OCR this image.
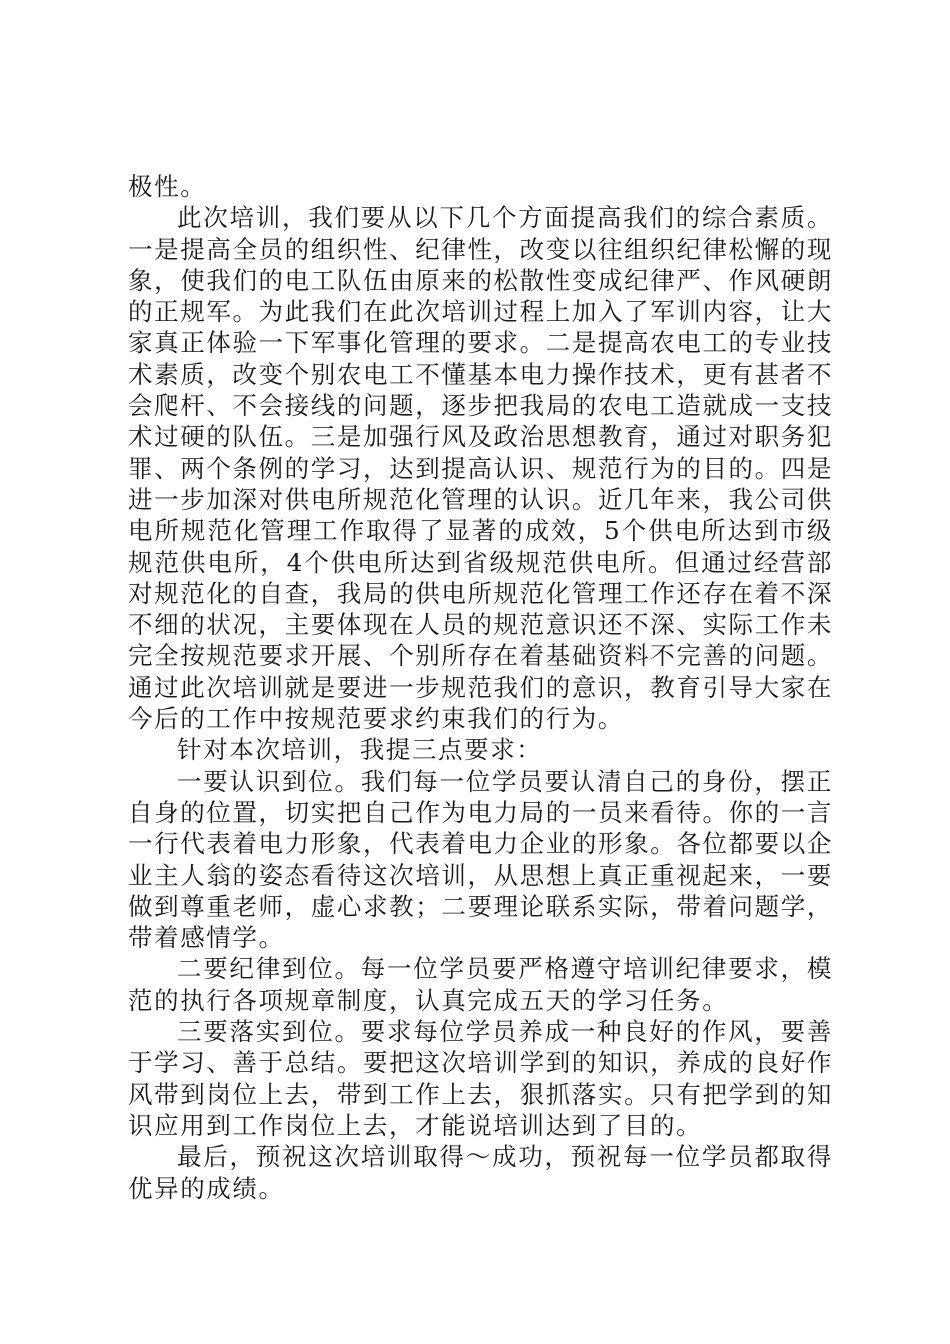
极性。

此次培训，我们要从以下几个方面提高我们的综合素质。一是提高全员的组织性、纪律性，改变以往组织纪律松懈的现象，使我们的电工队伍由原来的松散性变成纪律严、作风硬朗的正规军。为此我们在此次培训过程上加入了军训内容，让大家真正体验一下军事化管理的要求。二是提高农电工的专业技术素质，改变个别农电工不懂基本电力操作技术，更有甚者不会爬杆、不会接线的问题，逐步把我局的农电工造就成一支技术过硬的队伍。三是加强行风及政治思想教育，通过对职务犯罪、两个条例的学习，达到提高认识、规范行为的目的。四是进一步加深对供电所规范化管理的认识。近几年来，我公司供电所规范化管理工作取得了显著的成效，5个供电所达到市级规范供电所，4个供电所达到省级规范供电所。但通过经营部对规范化的自查，我局的供电所规范化管理工作还存在着不深不细的状况，主要体现在人员的规范意识还不深、实际工作未完全按规范要求开展、个别所存在着基础资料不完善的问题。通过此次培训就是要进一步规范我们的意识，教育引导大家在今后的工作中按规范要求约束我们的行为。

针对本次培训，我提三点要求：

一要认识到位。我们每一位学员要认清自己的身份，摆正自身的位置，切实把自己作为电力局的一员来看待。你的一言一行代表着电力形象，代表着电力企业的形象。各位都要以企业主人翁的姿态看待这次培训，从思想上真正重视起来，一要做到尊重老师，虚心求教；二要理论联系实际，带着问题学，带着感情学。

二要纪律到位。每一位学员要严格遵守培训纪律要求，模范的执行各项规章制度，认真完成五天的学习任务。

三要落实到位。要求每位学员养成一种良好的作风，要善于学习、善于总结。要把这次培训学到的知识，养成的良好作风带到岗位上去，带到工作上去，狠抓落实。只有把学到的知识应用到工作岗位上去，才能说培训达到了目的。

最后，预祝这次培训取得～成功，预祝每一位学员都取得优异的成绩。
